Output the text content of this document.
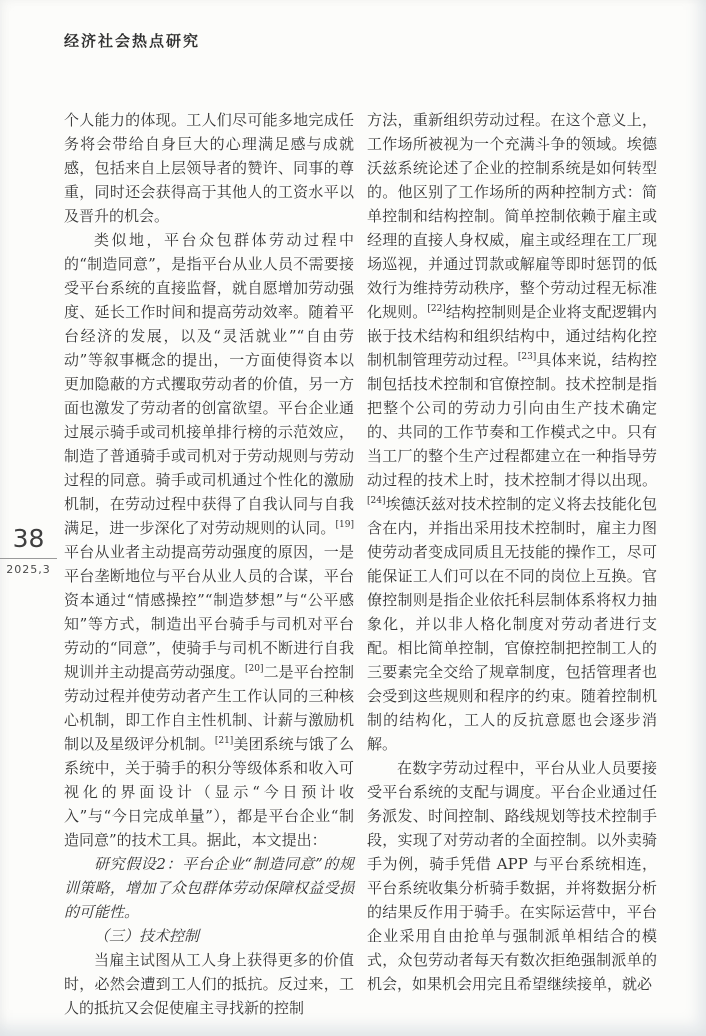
经济社会热点研究
38
2025,3

个人能力的体现。工人们尽可能多地完成任务将会带给自身巨大的心理满足感与成就感，包括来自上层领导者的赞许、同事的尊重，同时还会获得高于其他人的工资水平以及晋升的机会。

类似地，平台众包群体劳动过程中的“制造同意”，是指平台从业人员不需要接受平台系统的直接监督，就自愿增加劳动强度、延长工作时间和提高劳动效率。随着平台经济的发展，以及“灵活就业”“自由劳动”等叙事概念的提出，一方面使得资本以更加隐蔽的方式攫取劳动者的价值，另一方面也激发了劳动者的创富欲望。平台企业通过展示骑手或司机接单排行榜的示范效应，制造了普通骑手或司机对于劳动规则与劳动过程的同意。骑手或司机通过个性化的激励机制，在劳动过程中获得了自我认同与自我满足，进一步深化了对劳动规则的认同。[19]平台从业者主动提高劳动强度的原因，一是平台垄断地位与平台从业人员的合谋，平台资本通过“情感操控”“制造梦想”与“公平感知”等方式，制造出平台骑手与司机对平台劳动的“同意”，使骑手与司机不断进行自我规训并主动提高劳动强度。[20]二是平台控制劳动过程并使劳动者产生工作认同的三种核心机制，即工作自主性机制、计薪与激励机制以及星级评分机制。[21]美团系统与饿了么系统中，关于骑手的积分等级体系和收入可视化的界面设计（显示“今日预计收入”与“今日完成单量”），都是平台企业“制造同意”的技术工具。据此，本文提出：

研究假设2：平台企业“制造同意”的规训策略，增加了众包群体劳动保障权益受损的可能性。

（三）技术控制

当雇主试图从工人身上获得更多的价值时，必然会遭到工人们的抵抗。反过来，工人的抵抗又会促使雇主寻找新的控制

方法，重新组织劳动过程。在这个意义上，工作场所被视为一个充满斗争的领域。埃德沃兹系统论述了企业的控制系统是如何转型的。他区别了工作场所的两种控制方式：简单控制和结构控制。简单控制依赖于雇主或经理的直接人身权威，雇主或经理在工厂现场巡视，并通过罚款或解雇等即时惩罚的低效行为维持劳动秩序，整个劳动过程无标准化规则。[22]结构控制则是企业将支配逻辑内嵌于技术结构和组织结构中，通过结构化控制机制管理劳动过程。[23]具体来说，结构控制包括技术控制和官僚控制。技术控制是指把整个公司的劳动力引向由生产技术确定的、共同的工作节奏和工作模式之中。只有当工厂的整个生产过程都建立在一种指导劳动过程的技术上时，技术控制才得以出现。[24]埃德沃兹对技术控制的定义将去技能化包含在内，并指出采用技术控制时，雇主力图使劳动者变成同质且无技能的操作工，尽可能保证工人们可以在不同的岗位上互换。官僚控制则是指企业依托科层制体系将权力抽象化，并以非人格化制度对劳动者进行支配。相比简单控制，官僚控制把控制工人的三要素完全交给了规章制度，包括管理者也会受到这些规则和程序的约束。随着控制机制的结构化，工人的反抗意愿也会逐步消解。

在数字劳动过程中，平台从业人员要接受平台系统的支配与调度。平台企业通过任务派发、时间控制、路线规划等技术控制手段，实现了对劳动者的全面控制。以外卖骑手为例，骑手凭借 APP 与平台系统相连，平台系统收集分析骑手数据，并将数据分析的结果反作用于骑手。在实际运营中，平台企业采用自由抢单与强制派单相结合的模式，众包劳动者每天有数次拒绝强制派单的机会，如果机会用完且希望继续接单，就必
